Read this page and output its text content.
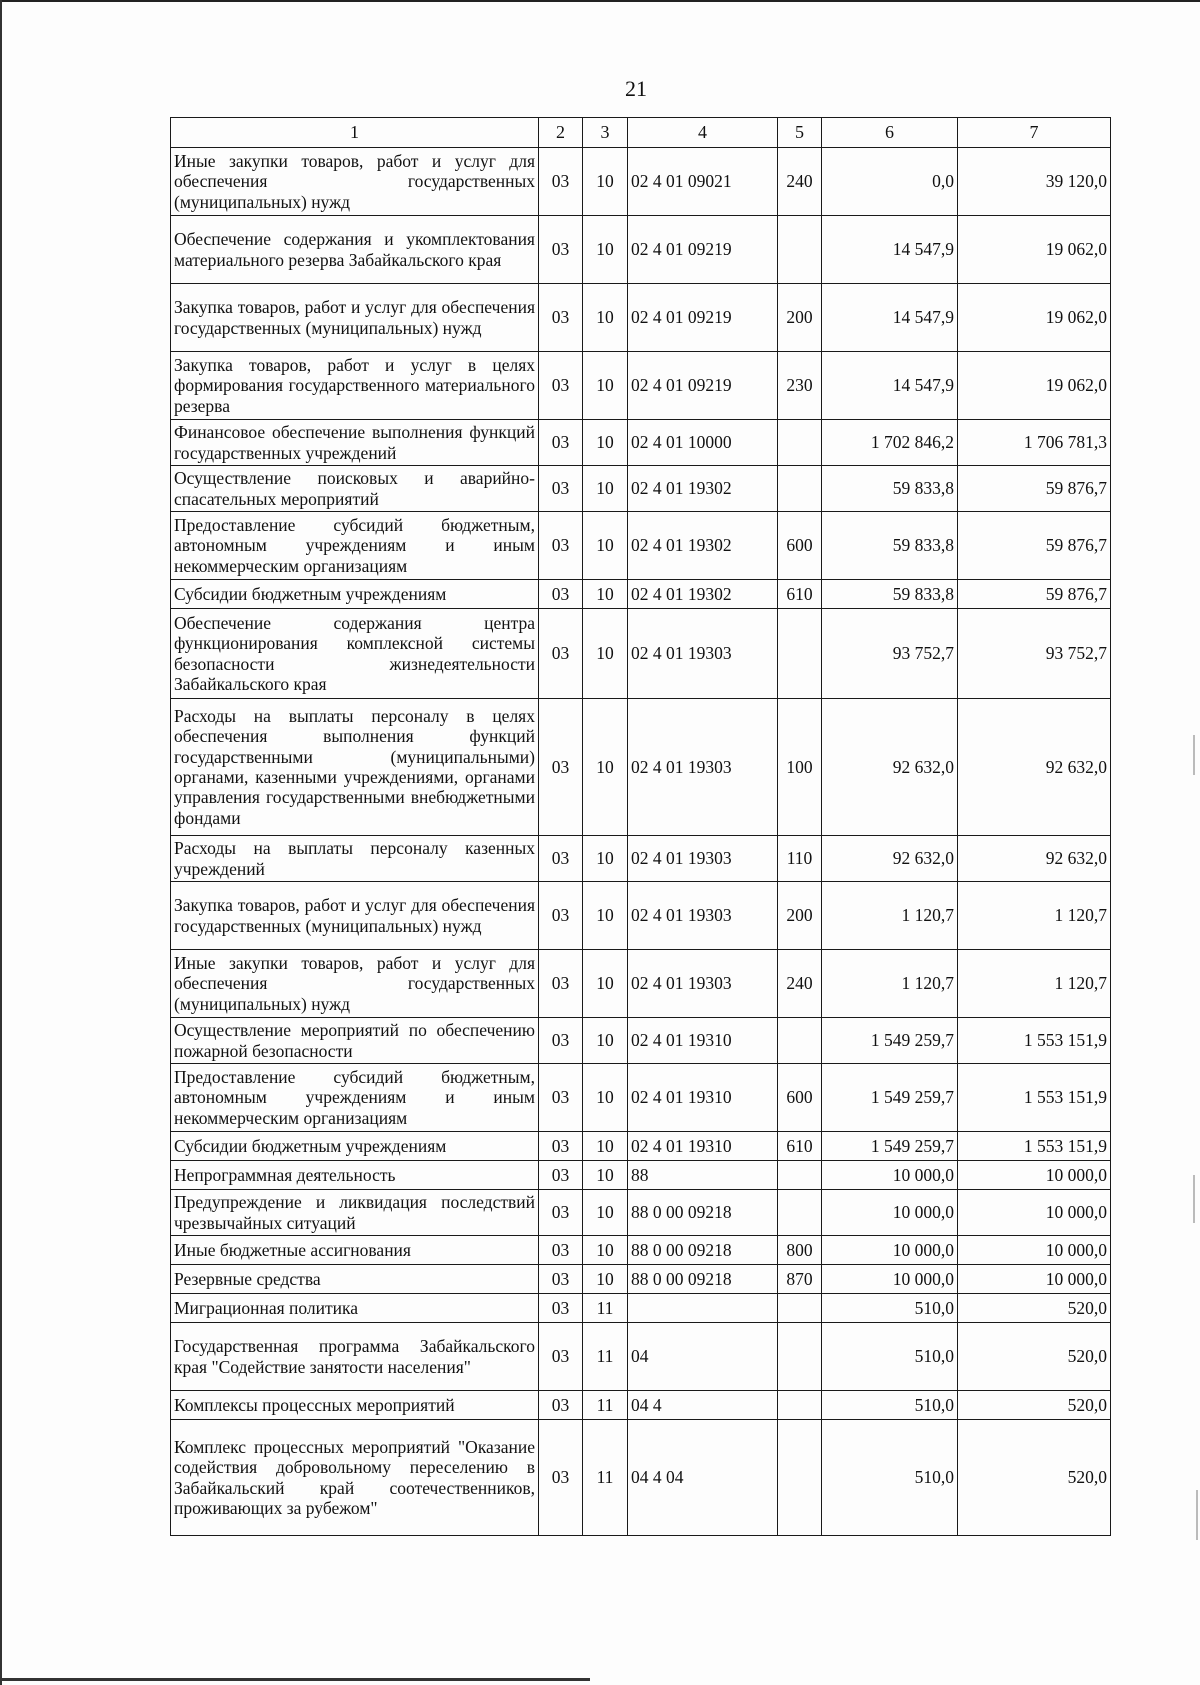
21
1	2	3	4	5	6	7
Иные закупки товаров, работ и услуг для обеспечения государственных (муниципальных) нужд	03	10	02 4 01 09021	240	0,0	39 120,0
Обеспечение содержания и укомплектования материального резерва Забайкальского края	03	10	02 4 01 09219		14 547,9	19 062,0
Закупка товаров, работ и услуг для обеспечения государственных (муниципальных) нужд	03	10	02 4 01 09219	200	14 547,9	19 062,0
Закупка товаров, работ и услуг в целях формирования государственного материального резерва	03	10	02 4 01 09219	230	14 547,9	19 062,0
Финансовое обеспечение выполнения функций государственных учреждений	03	10	02 4 01 10000		1 702 846,2	1 706 781,3
Осуществление поисковых и аварийно-спасательных мероприятий	03	10	02 4 01 19302		59 833,8	59 876,7
Предоставление субсидий бюджетным, автономным учреждениям и иным некоммерческим организациям	03	10	02 4 01 19302	600	59 833,8	59 876,7
Субсидии бюджетным учреждениям	03	10	02 4 01 19302	610	59 833,8	59 876,7
Обеспечение содержания центра функционирования комплексной системы безопасности жизнедеятельности Забайкальского края	03	10	02 4 01 19303		93 752,7	93 752,7
Расходы на выплаты персоналу в целях обеспечения выполнения функций государственными (муниципальными) органами, казенными учреждениями, органами управления государственными внебюджетными фондами	03	10	02 4 01 19303	100	92 632,0	92 632,0
Расходы на выплаты персоналу казенных учреждений	03	10	02 4 01 19303	110	92 632,0	92 632,0
Закупка товаров, работ и услуг для обеспечения государственных (муниципальных) нужд	03	10	02 4 01 19303	200	1 120,7	1 120,7
Иные закупки товаров, работ и услуг для обеспечения государственных (муниципальных) нужд	03	10	02 4 01 19303	240	1 120,7	1 120,7
Осуществление мероприятий по обеспечению пожарной безопасности	03	10	02 4 01 19310		1 549 259,7	1 553 151,9
Предоставление субсидий бюджетным, автономным учреждениям и иным некоммерческим организациям	03	10	02 4 01 19310	600	1 549 259,7	1 553 151,9
Субсидии бюджетным учреждениям	03	10	02 4 01 19310	610	1 549 259,7	1 553 151,9
Непрограммная деятельность	03	10	88		10 000,0	10 000,0
Предупреждение и ликвидация последствий чрезвычайных ситуаций	03	10	88 0 00 09218		10 000,0	10 000,0
Иные бюджетные ассигнования	03	10	88 0 00 09218	800	10 000,0	10 000,0
Резервные средства	03	10	88 0 00 09218	870	10 000,0	10 000,0
Миграционная политика	03	11			510,0	520,0
Государственная программа Забайкальского края "Содействие занятости населения"	03	11	04		510,0	520,0
Комплексы процессных мероприятий	03	11	04 4		510,0	520,0
Комплекс процессных мероприятий "Оказание содействия добровольному переселению в Забайкальский край соотечественников, проживающих за рубежом"	03	11	04 4 04		510,0	520,0
